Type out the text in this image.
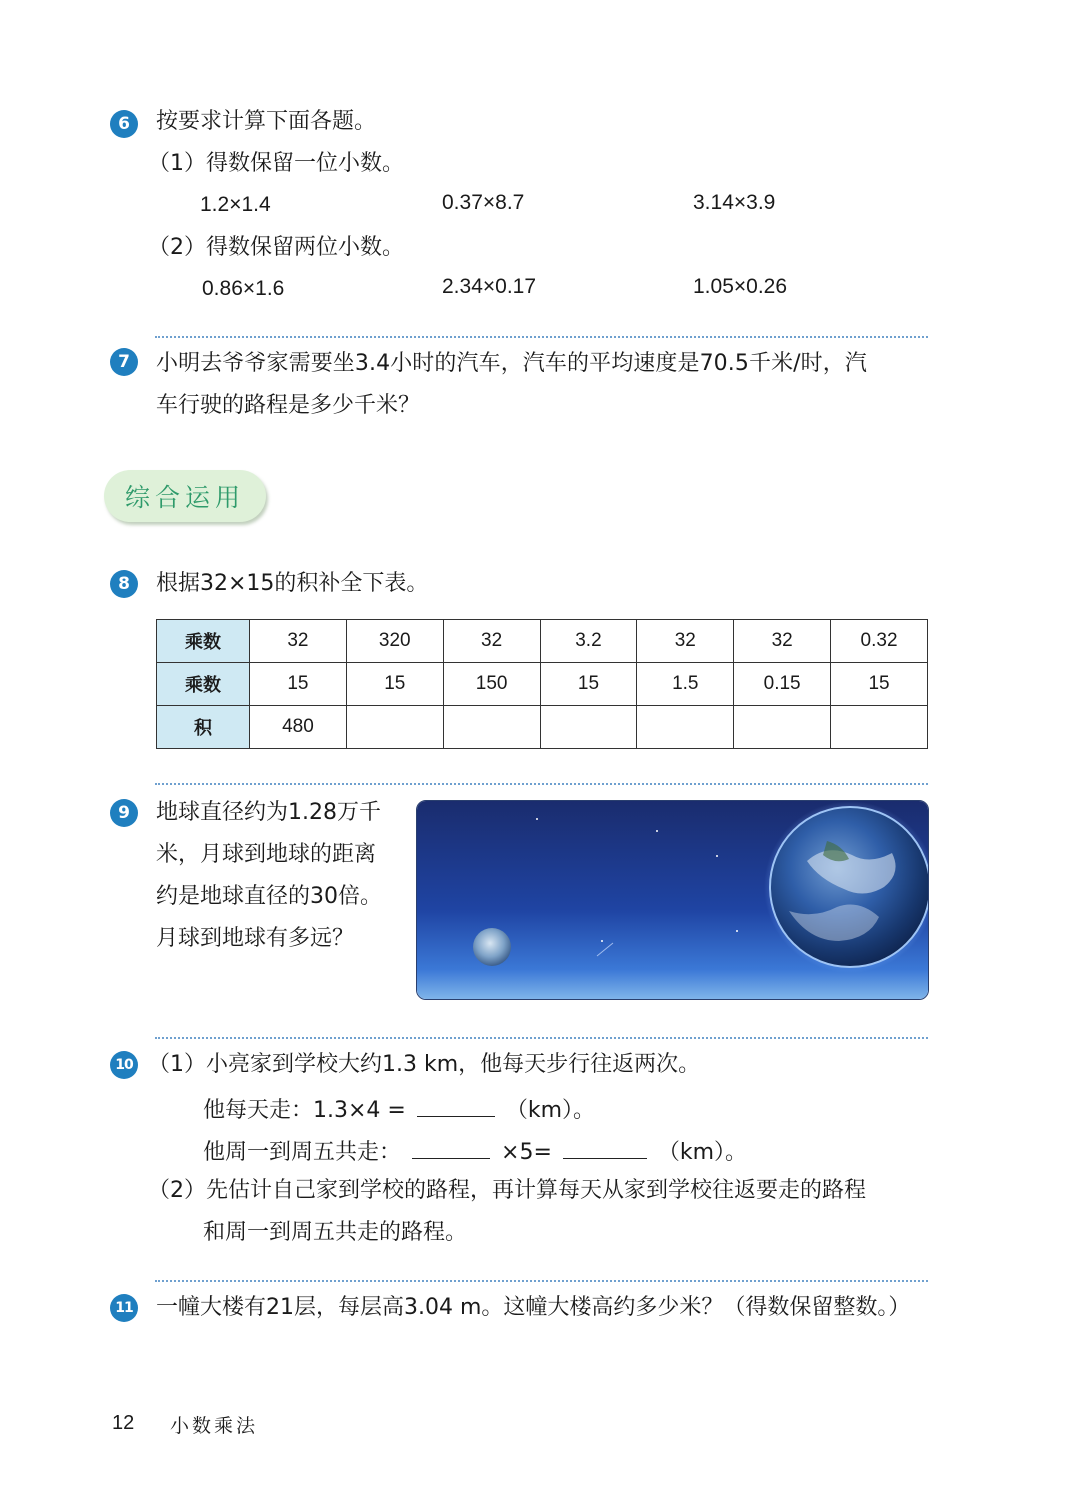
6	按要求计算下面各题。
（1）得数保留一位小数。
1.2×1.4	0.37×8.7	3.14×3.9
（2）得数保留两位小数。
0.86×1.6	2.34×0.17	1.05×0.26
7	小明去爷爷家需要坐3.4小时的汽车，汽车的平均速度是70.5千米/时，汽
车行驶的路程是多少千米？
综合运用
8	根据32×15的积补全下表。
乘数	32	320	32	3.2	32	32	0.32
乘数	15	15	150	15	1.5	0.15	15
积	480						
9	地球直径约为1.28万千
米，月球到地球的距离
约是地球直径的30倍。
月球到地球有多远？
10 （1）小亮家到学校大约1.3 km，他每天步行往返两次。
他每天走：1.3×4 =	（km）。
他周一到周五共走：	×5=	（km）。
（2）先估计自己家到学校的路程，再计算每天从家到学校往返要走的路程
和周一到周五共走的路程。
11 一幢大楼有21层，每层高3.04 m。这幢大楼高约多少米？（得数保留整数。）
12 小数乘法
